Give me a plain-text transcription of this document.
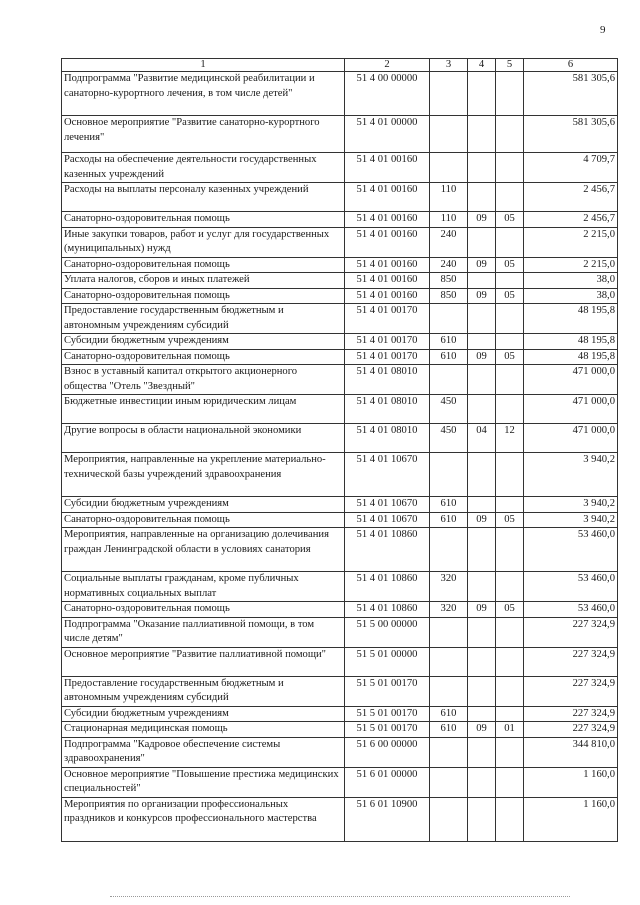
9
1	2	3	4	5	6
Подпрограмма "Развитие медицинской реабилитации и санаторно-курортного лечения, в том числе детей"	51 4 00 00000				581 305,6
Основное мероприятие "Развитие санаторно-курортного лечения"	51 4 01 00000				581 305,6
Расходы на обеспечение деятельности государственных казенных учреждений	51 4 01 00160				4 709,7
Расходы на выплаты персоналу казенных учреждений	51 4 01 00160	110			2 456,7
Санаторно-оздоровительная помощь	51 4 01 00160	110	09	05	2 456,7
Иные закупки товаров, работ и услуг для государственных (муниципальных) нужд	51 4 01 00160	240			2 215,0
Санаторно-оздоровительная помощь	51 4 01 00160	240	09	05	2 215,0
Уплата налогов, сборов и иных платежей	51 4 01 00160	850			38,0
Санаторно-оздоровительная помощь	51 4 01 00160	850	09	05	38,0
Предоставление государственным бюджетным и автономным учреждениям субсидий	51 4 01 00170				48 195,8
Субсидии бюджетным учреждениям	51 4 01 00170	610			48 195,8
Санаторно-оздоровительная помощь	51 4 01 00170	610	09	05	48 195,8
Взнос в уставный капитал открытого акционерного общества "Отель "Звездный"	51 4 01 08010				471 000,0
Бюджетные инвестиции иным юридическим лицам	51 4 01 08010	450			471 000,0
Другие вопросы в области национальной экономики	51 4 01 08010	450	04	12	471 000,0
Мероприятия, направленные на укрепление материально-технической базы учреждений здравоохранения	51 4 01 10670				3 940,2
Субсидии бюджетным учреждениям	51 4 01 10670	610			3 940,2
Санаторно-оздоровительная помощь	51 4 01 10670	610	09	05	3 940,2
Мероприятия, направленные на организацию долечивания граждан Ленинградской области в условиях санатория	51 4 01 10860				53 460,0
Социальные выплаты гражданам, кроме публичных нормативных социальных выплат	51 4 01 10860	320			53 460,0
Санаторно-оздоровительная помощь	51 4 01 10860	320	09	05	53 460,0
Подпрограмма "Оказание паллиативной помощи, в том числе детям"	51 5 00 00000				227 324,9
Основное мероприятие "Развитие паллиативной помощи"	51 5 01 00000				227 324,9
Предоставление государственным бюджетным и автономным учреждениям субсидий	51 5 01 00170				227 324,9
Субсидии бюджетным учреждениям	51 5 01 00170	610			227 324,9
Стационарная медицинская помощь	51 5 01 00170	610	09	01	227 324,9
Подпрограмма "Кадровое обеспечение системы здравоохранения"	51 6 00 00000				344 810,0
Основное мероприятие "Повышение престижа медицинских специальностей"	51 6 01 00000				1 160,0
Мероприятия по организации профессиональных праздников и конкурсов профессионального мастерства	51 6 01 10900				1 160,0
